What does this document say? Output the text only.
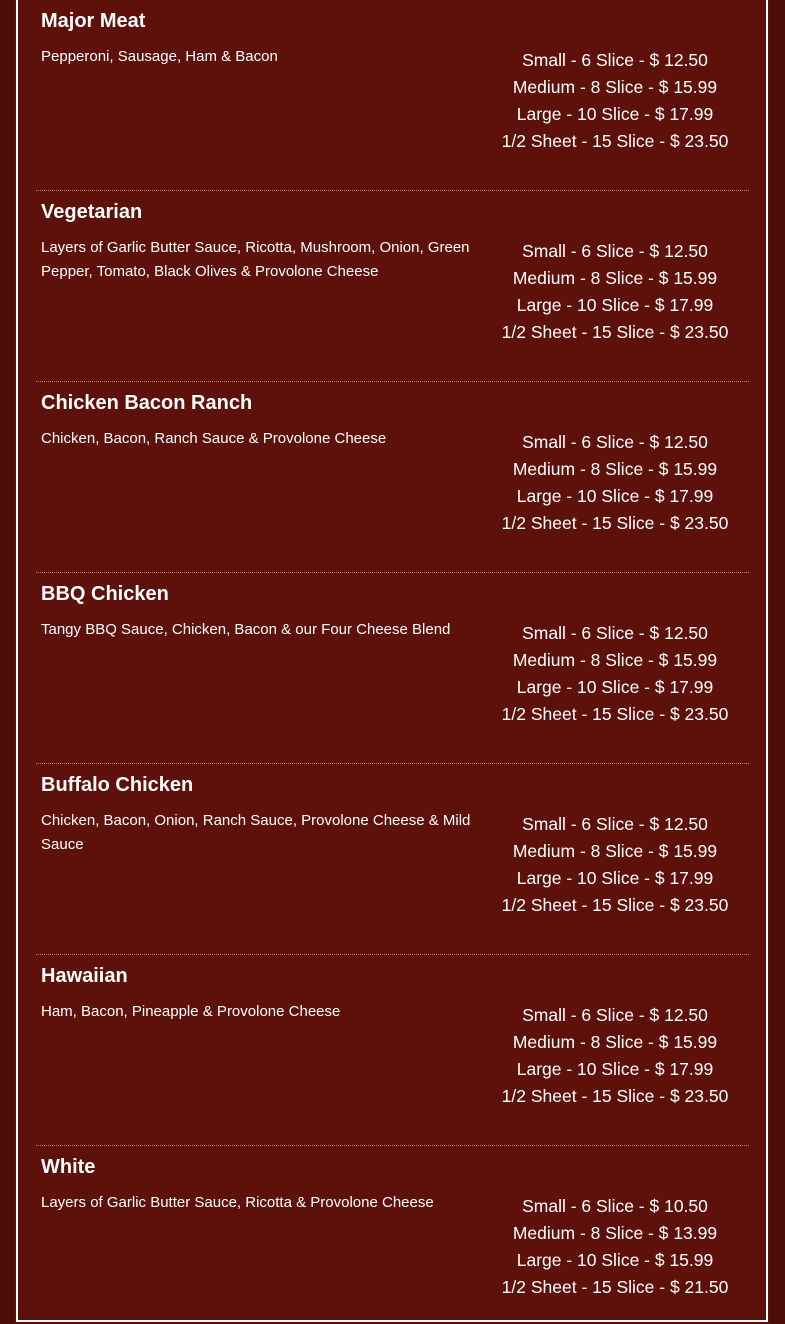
Major Meat

Pepperoni, Sausage, Ham & Bacon	Small - 6 Slice - $ 12.50
Medium - 8 Slice - $ 15.99
Large - 10 Slice - $ 17.99
1/2 Sheet - 15 Slice - $ 23.50
Vegetarian

Layers of Garlic Butter Sauce, Ricotta, Mushroom, Onion, Green Pepper, Tomato, Black Olives & Provolone Cheese

Small - 6 Slice - $ 12.50
Medium - 8 Slice - $ 15.99
Large - 10 Slice - $ 17.99
1/2 Sheet - 15 Slice - $ 23.50
Chicken Bacon Ranch

Chicken, Bacon, Ranch Sauce & Provolone Cheese	Small - 6 Slice - $ 12.50
Medium - 8 Slice - $ 15.99
Large - 10 Slice - $ 17.99
1/2 Sheet - 15 Slice - $ 23.50
BBQ Chicken

Tangy BBQ Sauce, Chicken, Bacon & our Four Cheese Blend	Small - 6 Slice - $ 12.50
Medium - 8 Slice - $ 15.99
Large - 10 Slice - $ 17.99
1/2 Sheet - 15 Slice - $ 23.50
Buffalo Chicken

Chicken, Bacon, Onion, Ranch Sauce, Provolone Cheese & Mild Sauce

Small - 6 Slice - $ 12.50
Medium - 8 Slice - $ 15.99
Large - 10 Slice - $ 17.99
1/2 Sheet - 15 Slice - $ 23.50
Hawaiian

Ham, Bacon, Pineapple & Provolone Cheese	Small - 6 Slice - $ 12.50
Medium - 8 Slice - $ 15.99
Large - 10 Slice - $ 17.99
1/2 Sheet - 15 Slice - $ 23.50
White

Layers of Garlic Butter Sauce, Ricotta & Provolone Cheese	Small - 6 Slice - $ 10.50
Medium - 8 Slice - $ 13.99
Large - 10 Slice - $ 15.99
1/2 Sheet - 15 Slice - $ 21.50
